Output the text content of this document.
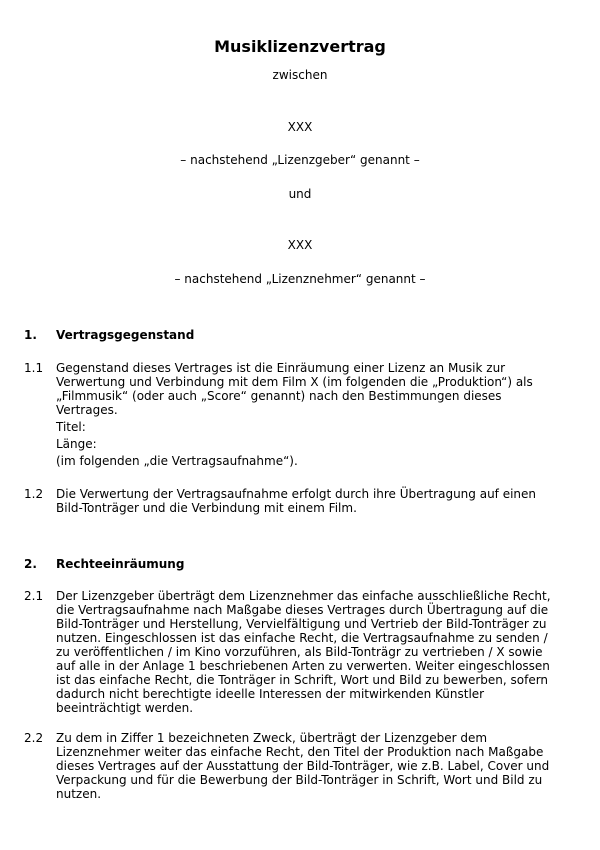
Musiklizenzvertrag
zwischen
XXX
– nachstehend „Lizenzgeber“ genannt –
und
XXX
– nachstehend „Lizenznehmer“ genannt –
1. Vertragsgegenstand
1.1 Gegenstand dieses Vertrages ist die Einräumung einer Lizenz an Musik zur
Verwertung und Verbindung mit dem Film X (im folgenden die „Produktion“) als
„Filmmusik“ (oder auch „Score“ genannt) nach den Bestimmungen dieses
Vertrages.
Titel:
Länge:
(im folgenden „die Vertragsaufnahme“).
1.2 Die Verwertung der Vertragsaufnahme erfolgt durch ihre Übertragung auf einen
Bild-Tonträger und die Verbindung mit einem Film.
2. Rechteeinräumung
2.1 Der Lizenzgeber überträgt dem Lizenznehmer das einfache ausschließliche Recht,
die Vertragsaufnahme nach Maßgabe dieses Vertrages durch Übertragung auf die
Bild-Tonträger und Herstellung, Vervielfältigung und Vertrieb der Bild-Tonträger zu
nutzen. Eingeschlossen ist das einfache Recht, die Vertragsaufnahme zu senden /
zu veröffentlichen / im Kino vorzuführen, als Bild-Tonträgr zu vertrieben / X sowie
auf alle in der Anlage 1 beschriebenen Arten zu verwerten. Weiter eingeschlossen
ist das einfache Recht, die Tonträger in Schrift, Wort und Bild zu bewerben, sofern
dadurch nicht berechtigte ideelle Interessen der mitwirkenden Künstler
beeinträchtigt werden.
2.2 Zu dem in Ziffer 1 bezeichneten Zweck, überträgt der Lizenzgeber dem
Lizenznehmer weiter das einfache Recht, den Titel der Produktion nach Maßgabe
dieses Vertrages auf der Ausstattung der Bild-Tonträger, wie z.B. Label, Cover und
Verpackung und für die Bewerbung der Bild-Tonträger in Schrift, Wort und Bild zu
nutzen.
